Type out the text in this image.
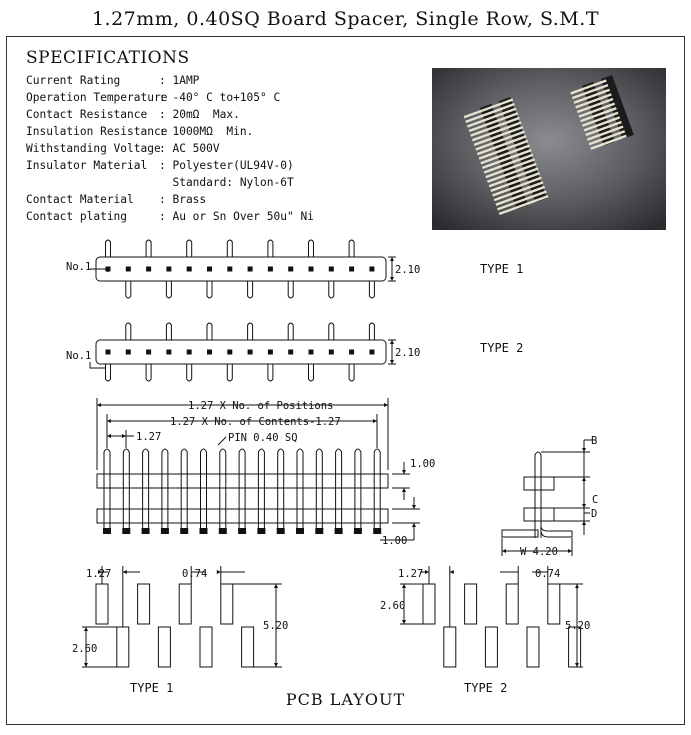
1.27mm, 0.40SQ Board Spacer, Single Row, S.M.T
SPECIFICATIONS
Current Rating	: 1AMP
Operation Temperature
: -40° C to+105° C
Contact Resistance : 20mΩ  Max.
Insulation Resistance
: 1000MΩ  Min.
Withstanding Voltage
: AC 500V
Insulator Material : Polyester(UL94V-0)
Standard: Nylon-6T
Contact Material : Brass
Contact plating	: Au or Sn Over 50u" Ni
No.1
No.1
2.10
2.10
TYPE 1
TYPE 2
1.27 X No. of Positions
1.27 X No. of Contents-1.27
1.27	PIN 0.40 SQ
1.00
1.00
B
C
D
W 4.20
1.27	0.74
2.60
5.20
1.27	0.74
2.60
5.20
TYPE 1	TYPE 2
PCB LAYOUT
